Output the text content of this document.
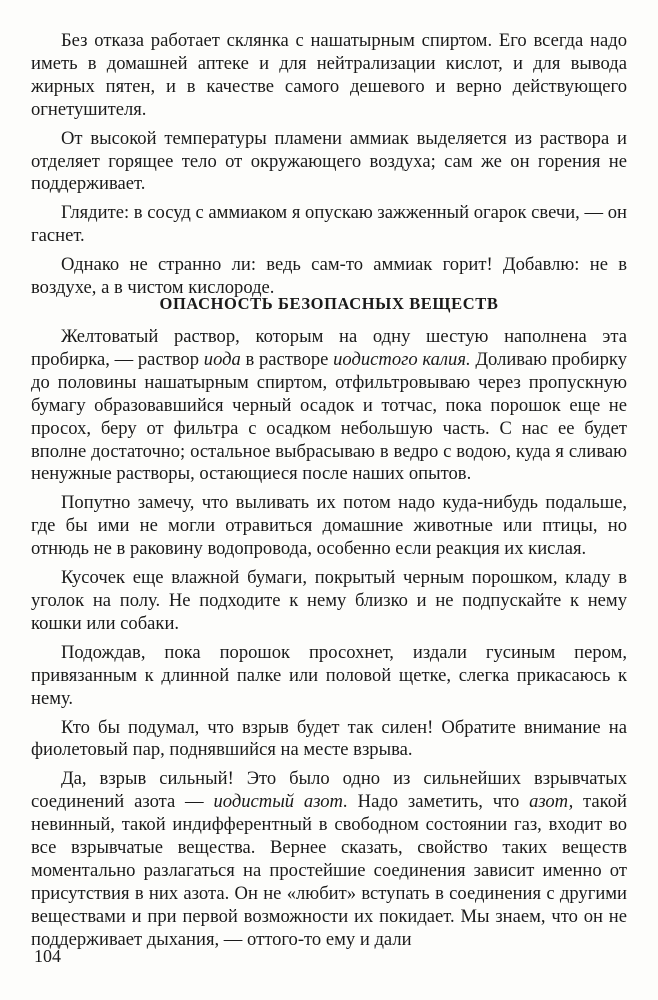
Без отказа работает склянка с нашатырным спиртом. Его всегда надо иметь в домашней аптеке и для нейтрализации кислот, и для вывода жирных пятен, и в качестве самого дешевого и верно действующего огнетушителя.

От высокой температуры пламени аммиак выделяется из раствора и отделяет горящее тело от окружающего воздуха; сам же он горения не поддерживает.

Глядите: в сосуд с аммиаком я опускаю зажженный огарок свечи, — он гаснет.

Однако не странно ли: ведь сам-то аммиак горит! Добавлю: не в воздухе, а в чистом кислороде.

ОПАСНОСТЬ БЕЗОПАСНЫХ ВЕЩЕСТВ

Желтоватый раствор, которым на одну шестую наполнена эта пробирка, — раствор иода в растворе иодистого калия. Доливаю пробирку до половины нашатырным спиртом, отфильтровываю через пропускную бумагу образовавшийся черный осадок и тотчас, пока порошок еще не просох, беру от фильтра с осадком небольшую часть. С нас ее будет вполне достаточно; остальное выбрасываю в ведро с водою, куда я сливаю ненужные растворы, остающиеся после наших опытов.

Попутно замечу, что выливать их потом надо куда-нибудь подальше, где бы ими не могли отравиться домашние животные или птицы, но отнюдь не в раковину водопровода, особенно если реакция их кислая.

Кусочек еще влажной бумаги, покрытый черным порошком, кладу в уголок на полу. Не подходите к нему близко и не подпускайте к нему кошки или собаки.

Подождав, пока порошок просохнет, издали гусиным пером, привязанным к длинной палке или половой щетке, слегка прикасаюсь к нему.

Кто бы подумал, что взрыв будет так силен! Обратите внимание на фиолетовый пар, поднявшийся на месте взрыва.

Да, взрыв сильный! Это было одно из сильнейших взрывчатых соединений азота — иодистый азот. Надо заметить, что азот, такой невинный, такой индифферентный в свободном состоянии газ, входит во все взрывчатые вещества. Вернее сказать, свойство таких веществ моментально разлагаться на простейшие соединения зависит именно от присутствия в них азота. Он не «любит» вступать в соединения с другими веществами и при первой возможности их покидает. Мы знаем, что он не поддерживает дыхания, — оттого-то ему и дали

104
